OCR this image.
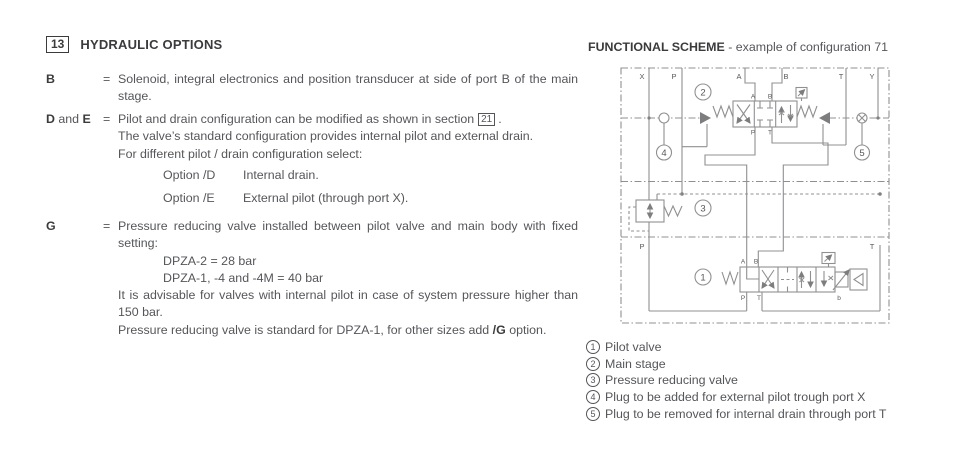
13	HYDRAULIC OPTIONS
B	= Solenoid, integral electronics and position transducer at side of port B of the main stage.
D and E = Pilot and drain configuration can be modified as shown in section 21 .
The valve’s standard configuration provides internal pilot and external drain.
For different pilot / drain configuration select:
Option /D	Internal drain.
Option /E	External pilot (through port X).
G	= Pressure reducing valve installed between pilot valve and main body with fixed setting:
DPZA-2 = 28 bar
DPZA-1, -4 and -4M = 40 bar
It is advisable for valves with internal pilot in case of system pressure higher than 150 bar.
Pressure reducing valve is standard for DPZA-1, for other sizes add /G option.
FUNCTIONAL SCHEME - example of configuration 71
X	P	A	B	T	Y
4	5
A B
P T
2
3
P	T
A B
P T	b
1
1 Pilot valve
2 Main stage
3 Pressure reducing valve
4 Plug to be added for external pilot trough port X
5 Plug to be removed for internal drain through port T
